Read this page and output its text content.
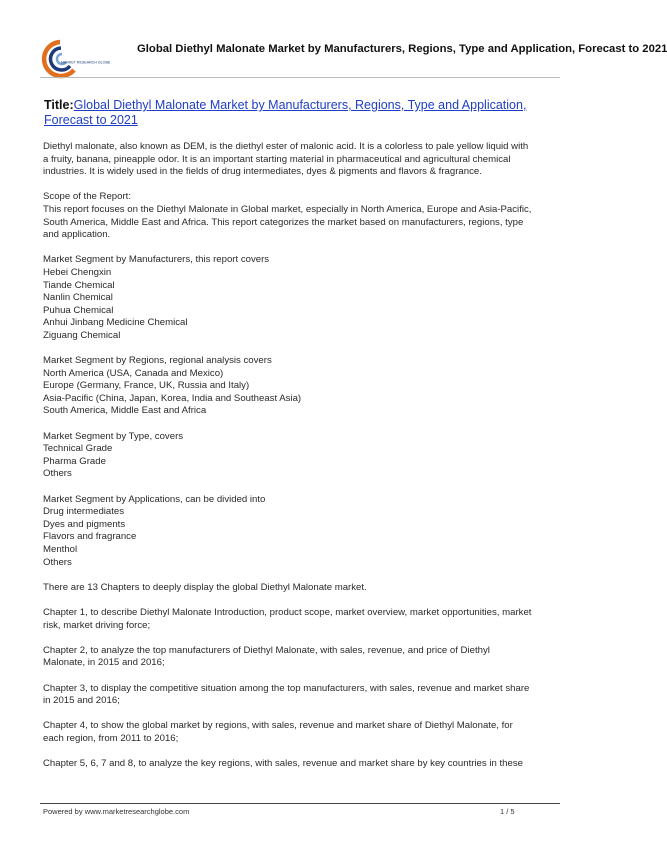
MARKET RESEARCH GLOBE
Global Diethyl Malonate Market by Manufacturers, Regions, Type and Application, Forecast to 2021
Title:Global Diethyl Malonate Market by Manufacturers, Regions, Type and Application, Forecast to 2021
Diethyl malonate, also known as DEM, is the diethyl ester of malonic acid. It is a colorless to pale yellow liquid with
a fruity, banana, pineapple odor. It is an important starting material in pharmaceutical and agricultural chemical
industries. It is widely used in the fields of drug intermediates, dyes & pigments and flavors & fragrance.
Scope of the Report:
This report focuses on the Diethyl Malonate in Global market, especially in North America, Europe and Asia-Pacific,
South America, Middle East and Africa. This report categorizes the market based on manufacturers, regions, type
and application.
Market Segment by Manufacturers, this report covers
Hebei Chengxin
Tiande Chemical
Nanlin Chemical
Puhua Chemical
Anhui Jinbang Medicine Chemical
Ziguang Chemical
Market Segment by Regions, regional analysis covers
North America (USA, Canada and Mexico)
Europe (Germany, France, UK, Russia and Italy)
Asia-Pacific (China, Japan, Korea, India and Southeast Asia)
South America, Middle East and Africa
Market Segment by Type, covers
Technical Grade
Pharma Grade
Others
Market Segment by Applications, can be divided into
Drug intermediates
Dyes and pigments
Flavors and fragrance
Menthol
Others
There are 13 Chapters to deeply display the global Diethyl Malonate market.
Chapter 1, to describe Diethyl Malonate Introduction, product scope, market overview, market opportunities, market
risk, market driving force;
Chapter 2, to analyze the top manufacturers of Diethyl Malonate, with sales, revenue, and price of Diethyl
Malonate, in 2015 and 2016;
Chapter 3, to display the competitive situation among the top manufacturers, with sales, revenue and market share
in 2015 and 2016;
Chapter 4, to show the global market by regions, with sales, revenue and market share of Diethyl Malonate, for
each region, from 2011 to 2016;
Chapter 5, 6, 7 and 8, to analyze the key regions, with sales, revenue and market share by key countries in these
Powered by www.marketresearchglobe.com	1 / 5
